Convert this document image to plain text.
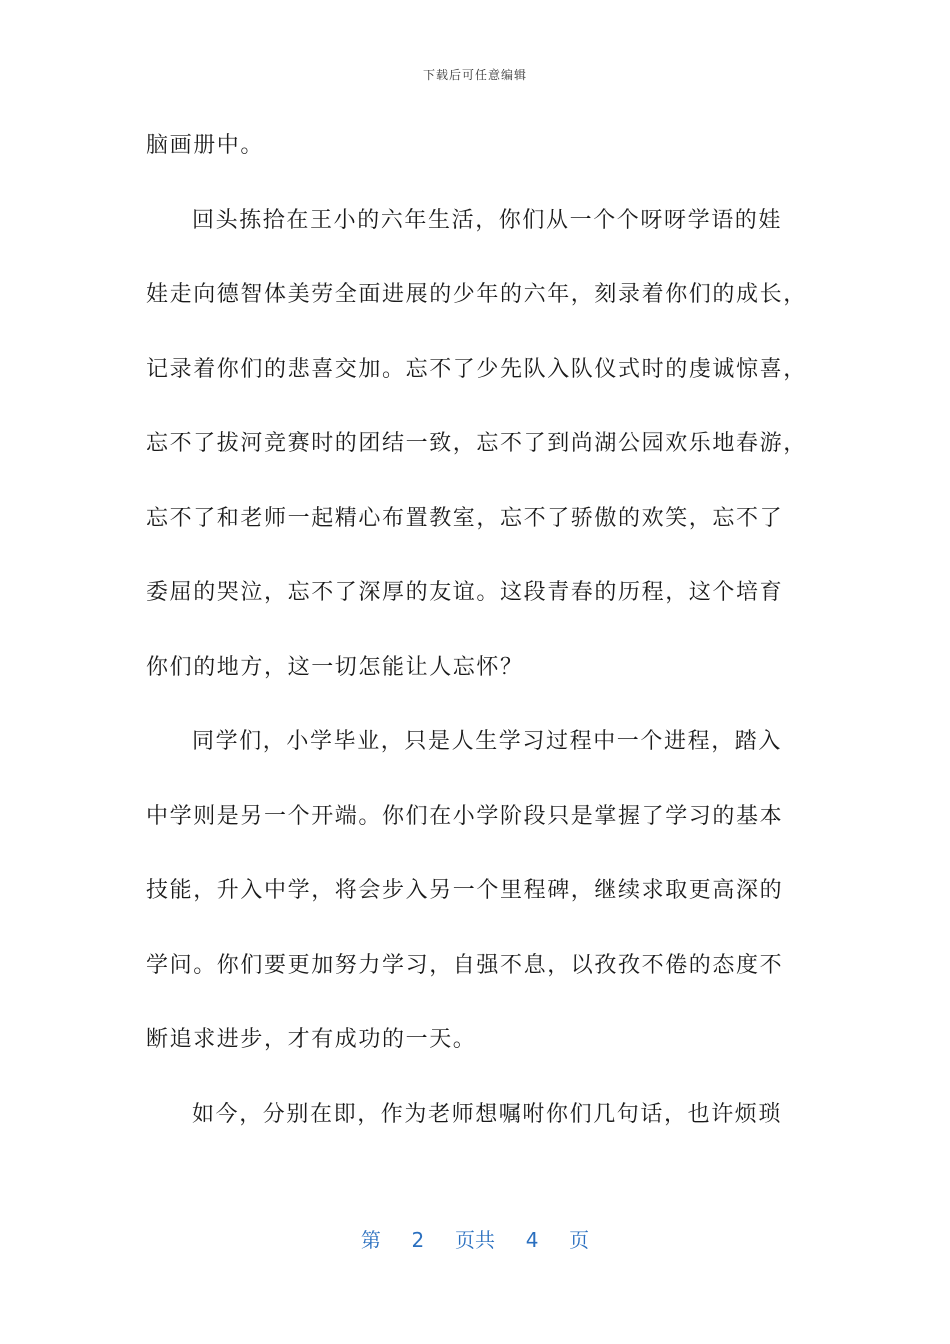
下载后可任意编辑
脑画册中。
回头拣拾在王小的六年生活，你们从一个个呀呀学语的娃
娃走向德智体美劳全面进展的少年的六年，刻录着你们的成长，
记录着你们的悲喜交加。忘不了少先队入队仪式时的虔诚惊喜，
忘不了拔河竞赛时的团结一致，忘不了到尚湖公园欢乐地春游，
忘不了和老师一起精心布置教室，忘不了骄傲的欢笑，忘不了
委屈的哭泣，忘不了深厚的友谊。这段青春的历程，这个培育
你们的地方，这一切怎能让人忘怀？
同学们，小学毕业，只是人生学习过程中一个进程，踏入
中学则是另一个开端。你们在小学阶段只是掌握了学习的基本
技能，升入中学，将会步入另一个里程碑，继续求取更高深的
学问。你们要更加努力学习，自强不息，以孜孜不倦的态度不
断追求进步，才有成功的一天。
如今，分别在即，作为老师想嘱咐你们几句话，也许烦琐
第 2 页共 4 页
